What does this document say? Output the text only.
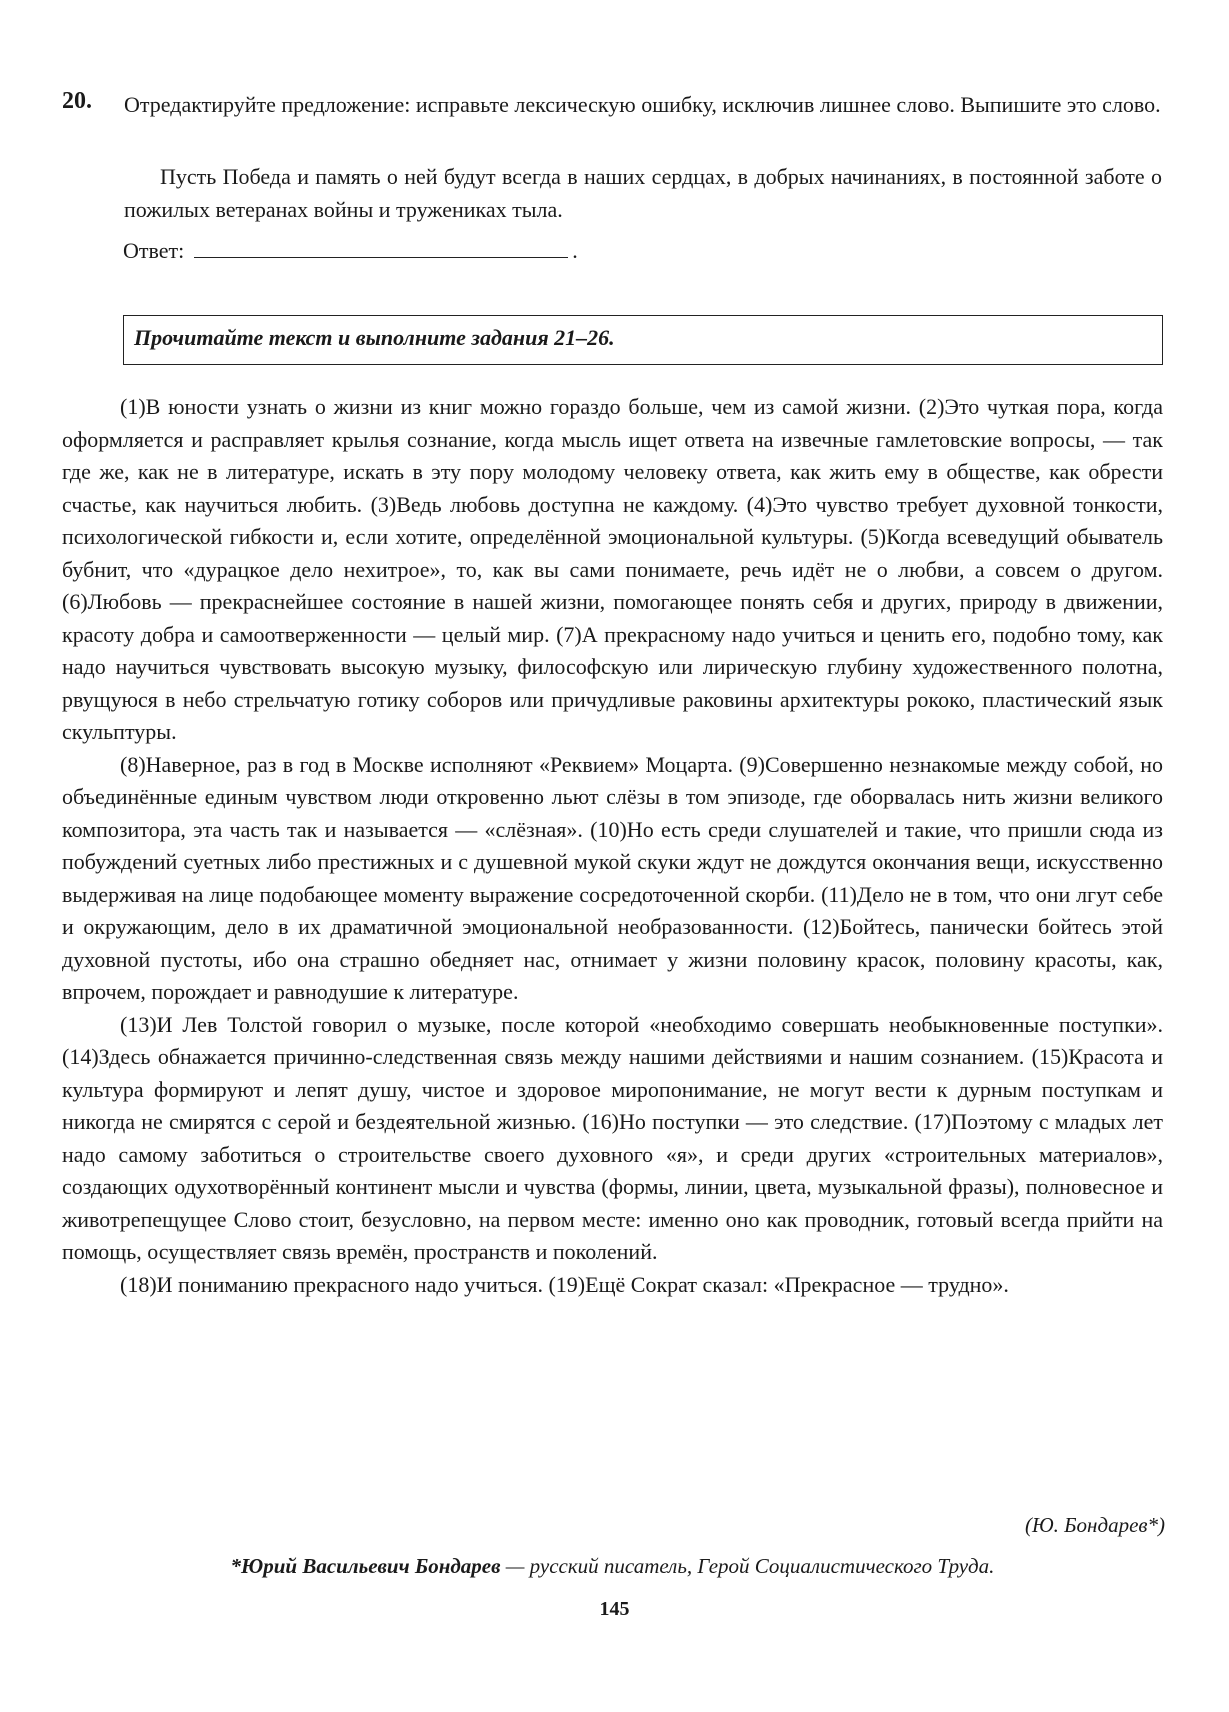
20. Отредактируйте предложение: исправьте лексическую ошибку, исключив лишнее слово. Выпишите это слово.
Пусть Победа и память о ней будут всегда в наших сердцах, в добрых начинаниях, в постоянной заботе о пожилых ветеранах войны и тружениках тыла.
Ответ:	.
Прочитайте текст и выполните задания 21–26.

(1)В юности узнать о жизни из книг можно гораздо больше, чем из самой жизни. (2)Это чуткая пора, когда оформляется и расправляет крылья сознание, когда мысль ищет ответа на извечные гамлетовские вопросы, — так где же, как не в литературе, искать в эту пору молодому человеку ответа, как жить ему в обществе, как обрести счастье, как научиться любить. (3)Ведь любовь доступна не каждому. (4)Это чувство требует духовной тонкости, психологической гибкости и, если хотите, определённой эмоциональной культуры. (5)Когда всеведущий обыватель бубнит, что «дурацкое дело нехитрое», то, как вы сами понимаете, речь идёт не о любви, а совсем о другом. (6)Любовь — прекраснейшее состояние в нашей жизни, помогающее понять себя и других, природу в движении, красоту добра и самоотверженности — целый мир. (7)А прекрасному надо учиться и ценить его, подобно тому, как надо научиться чувствовать высокую музыку, философскую или лирическую глубину художественного полотна, рвущуюся в небо стрельчатую готику соборов или причудливые раковины архитектуры рококо, пластический язык скульптуры.

(8)Наверное, раз в год в Москве исполняют «Реквием» Моцарта. (9)Совершенно незнакомые между собой, но объединённые единым чувством люди откровенно льют слёзы в том эпизоде, где оборвалась нить жизни великого композитора, эта часть так и называется — «слёзная». (10)Но есть среди слушателей и такие, что пришли сюда из побуждений суетных либо престижных и с душевной мукой скуки ждут не дождутся окончания вещи, искусственно выдерживая на лице подобающее моменту выражение сосредоточенной скорби. (11)Дело не в том, что они лгут себе и окружающим, дело в их драматичной эмоциональной необразованности. (12)Бойтесь, панически бойтесь этой духовной пустоты, ибо она страшно обедняет нас, отнимает у жизни половину красок, половину красоты, как, впрочем, порождает и равнодушие к литературе.

(13)И Лев Толстой говорил о музыке, после которой «необходимо совершать необыкновенные поступки». (14)Здесь обнажается причинно-следственная связь между нашими действиями и нашим сознанием. (15)Красота и культура формируют и лепят душу, чистое и здоровое миропонимание, не могут вести к дурным поступкам и никогда не смирятся с серой и бездеятельной жизнью. (16)Но поступки — это следствие. (17)Поэтому с младых лет надо самому заботиться о строительстве своего духовного «я», и среди других «строительных материалов», создающих одухотворённый континент мысли и чувства (формы, линии, цвета, музыкальной фразы), полновесное и животрепещущее Слово стоит, безусловно, на первом месте: именно оно как проводник, готовый всегда прийти на помощь, осуществляет связь времён, пространств и поколений.

(18)И пониманию прекрасного надо учиться. (19)Ещё Сократ сказал: «Прекрасное — трудно».

(Ю. Бондарев*)
*Юрий Васильевич Бондарев — русский писатель, Герой Социалистического Труда.
145
